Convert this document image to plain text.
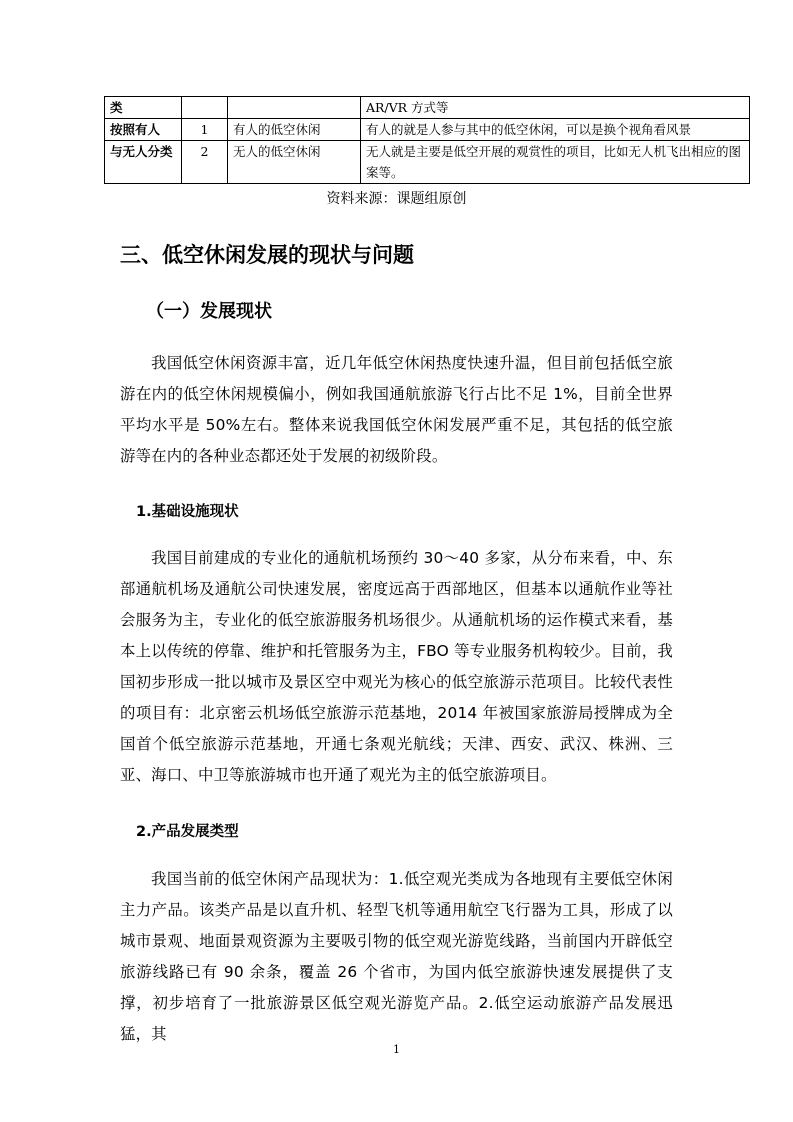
类			AR/VR 方式等
按照有人	1	有人的低空休闲	有人的就是人参与其中的低空休闲，可以是换个视角看风景
与无人分类	2	无人的低空休闲	无人就是主要是低空开展的观赏性的项目，比如无人机飞出相应的图案等。
资料来源：课题组原创
三、低空休闲发展的现状与问题
（一）发展现状
我国低空休闲资源丰富，近几年低空休闲热度快速升温，但目前包括低空旅游在内的低空休闲规模偏小，例如我国通航旅游飞行占比不足 1%，目前全世界平均水平是 50%左右。整体来说我国低空休闲发展严重不足，其包括的低空旅游等在内的各种业态都还处于发展的初级阶段。
1.基础设施现状
我国目前建成的专业化的通航机场预约 30～40 多家，从分布来看，中、东部通航机场及通航公司快速发展，密度远高于西部地区，但基本以通航作业等社会服务为主，专业化的低空旅游服务机场很少。从通航机场的运作模式来看，基本上以传统的停靠、维护和托管服务为主，FBO 等专业服务机构较少。目前，我国初步形成一批以城市及景区空中观光为核心的低空旅游示范项目。比较代表性的项目有：北京密云机场低空旅游示范基地，2014 年被国家旅游局授牌成为全国首个低空旅游示范基地，开通七条观光航线；天津、西安、武汉、株洲、三亚、海口、中卫等旅游城市也开通了观光为主的低空旅游项目。
2.产品发展类型
我国当前的低空休闲产品现状为：1.低空观光类成为各地现有主要低空休闲主力产品。该类产品是以直升机、轻型飞机等通用航空飞行器为工具，形成了以城市景观、地面景观资源为主要吸引物的低空观光游览线路，当前国内开辟低空旅游线路已有 90 余条，覆盖 26 个省市，为国内低空旅游快速发展提供了支撑，初步培育了一批旅游景区低空观光游览产品。2.低空运动旅游产品发展迅猛，其
1
